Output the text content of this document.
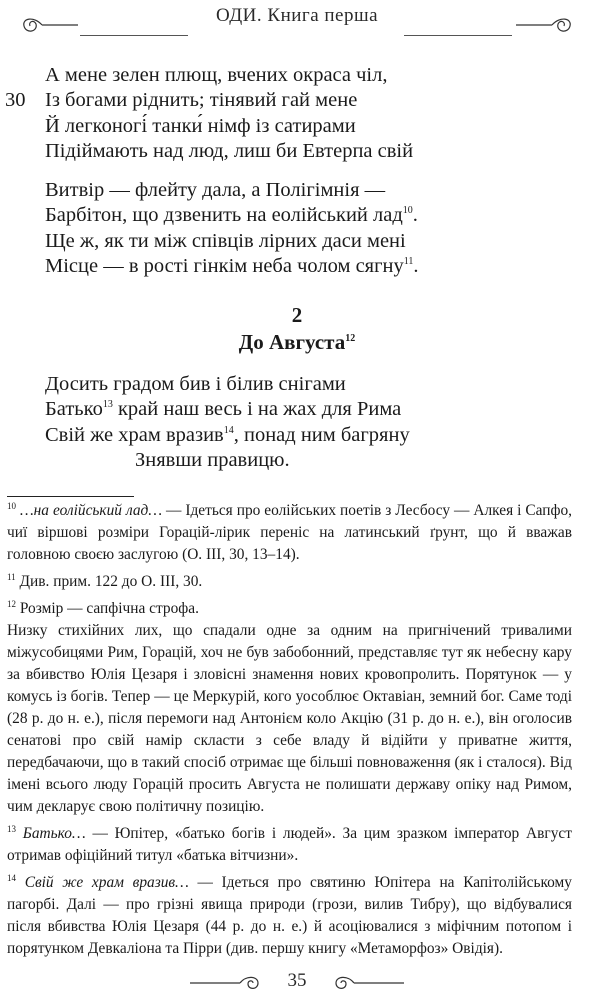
ОДИ. Книга перша
А мене зелен плющ, вчених окраса чіл,
30 Із богами ріднить; тінявий гай мене
Й легконогі́ танки́ німф із сатирами
Підіймають над люд, лиш би Евтерпа свій
Витвір — флейту дала, а Полігімнія —
Барбітон, що дзвенить на еолійський лад$^{10}$.
Ще ж, як ти між співців лірних даси мені
Місце — в рості гінкім неба чолом сягну$^{11}$.
2
До Августа$^{12}$
Досить градом бив і білив снігами
Батько$^{13}$ край наш весь і на жах для Рима
Свій же храм вразив$^{14}$, понад ним багряну
Знявши правицю.

$^{10}$ …на еолійський лад… — Ідеться про еолійських поетів з Лесбосу — Алкея і Сапфо, чиї віршові розміри Горацій-лірик переніс на латинський ґрунт, що й вважав головною своєю заслугою (О. ІІІ, 30, 13–14).

$^{11}$ Див. прим. 122 до О. ІІІ, 30.

$^{12}$ Розмір — сапфічна строфа.

Низку стихійних лих, що спадали одне за одним на пригнічений тривалими міжусобицями Рим, Горацій, хоч не був забобонний, представляє тут як небесну кару за вбивство Юлія Цезаря і зловісні знамення нових кровопролить. Порятунок — у комусь із богів. Тепер — це Меркурій, кого уособлює Октавіан, земний бог. Саме тоді (28 р. до н. е.), після перемоги над Антонієм коло Акцію (31 р. до н. е.), він оголосив сенатові про свій намір скласти з себе владу й відійти у приватне життя, передбачаючи, що в такий спосіб отримає ще більші повноваження (як і сталося). Від імені всього люду Горацій просить Августа не полишати державу опіку над Римом, чим декларує свою політичну позицію.

$^{13}$ Батько… — Юпітер, «батько богів і людей». За цим зразком імператор Август отримав офіційний титул «батька вітчизни».

$^{14}$ Свій же храм вразив… — Ідеться про святиню Юпітера на Капітолійському пагорбі. Далі — про грізні явища природи (грози, вилив Тибру), що відбувалися після вбивства Юлія Цезаря (44 р. до н. е.) й асоціювалися з міфічним потопом і порятунком Девкаліона та Пірри (див. першу книгу «Метаморфоз» Овідія).

35
